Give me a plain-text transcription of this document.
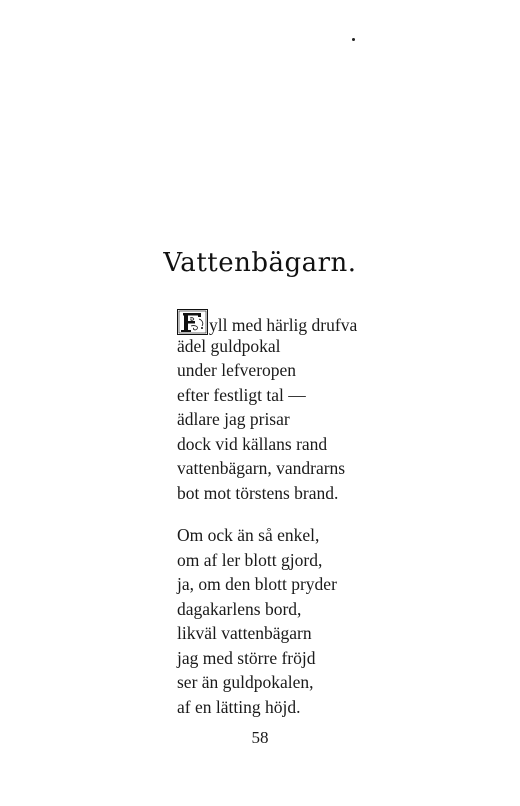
Vattenbägarn.
yll med härlig drufva
ädel guldpokal
under lefveropen
efter festligt tal —
ädlare jag prisar
dock vid källans rand
vattenbägarn, vandrarns
bot mot törstens brand.
Om ock än så enkel,
om af ler blott gjord,
ja, om den blott pryder
dagakarlens bord,
likväl vattenbägarn
jag med större fröjd
ser än guldpokalen,
af en lätting höjd.
58
